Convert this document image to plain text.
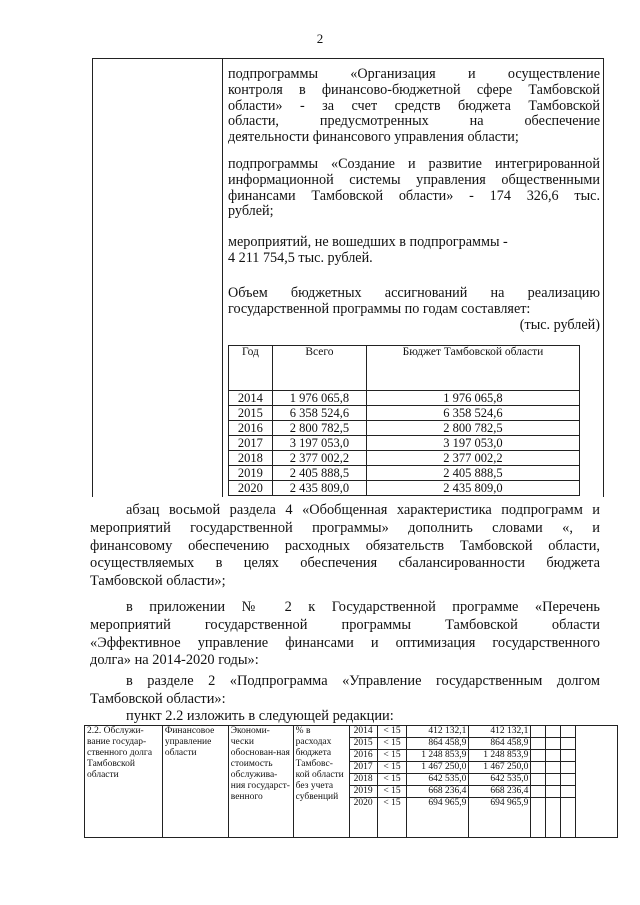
2

подпрограммы «Организация и осуществление

контроля в финансово-бюджетной сфере Тамбовской

области» - за счет средств бюджета Тамбовской

области, предусмотренных на обеспечение

деятельности финансового управления области;

подпрограммы «Создание и развитие интегрированной

информационной системы управления общественными

финансами Тамбовской области» - 174 326,6 тыс.

рублей;

мероприятий, не вошедших в подпрограммы -

4 211 754,5 тыс. рублей.

Объем бюджетных ассигнований на реализацию

государственной программы по годам составляет:

(тыс. рублей)

Год	Всего	Бюджет Тамбовской области
2014	1 976 065,8	1 976 065,8
2015	6 358 524,6	6 358 524,6
2016	2 800 782,5	2 800 782,5
2017	3 197 053,0	3 197 053,0
2018	2 377 002,2	2 377 002,2
2019	2 405 888,5	2 405 888,5
2020	2 435 809,0	2 435 809,0

абзац восьмой раздела 4 «Обобщенная характеристика подпрограмм и

мероприятий государственной программы» дополнить словами «, и

финансовому обеспечению расходных обязательств Тамбовской области,

осуществляемых в целях обеспечения сбалансированности бюджета

Тамбовской области»;

в приложении № 2 к Государственной программе «Перечень

мероприятий государственной программы Тамбовской области

«Эффективное управление финансами и оптимизация государственного

долга» на 2014-2020 годы»:

в разделе 2 «Подпрограмма «Управление государственным долгом

Тамбовской области»:

пункт 2.2 изложить в следующей редакции:

2.2. Обслужи-вание государ-ственного долга Тамбовской области	Финансовое управление области	Экономи-чески обоснован-ная стоимость обслужива-ния государст-венного	% в расходах бюджета Тамбовс-кой области без учета субвенций	2014	< 15	412 132,1	412 132,1				
				2015	< 15	864 458,9	864 458,9				
				2016	< 15	1 248 853,9	1 248 853,9				
				2017	< 15	1 467 250,0	1 467 250,0				
				2018	< 15	642 535,0	642 535,0				
				2019	< 15	668 236,4	668 236,4				
				2020	< 15	694 965,9	694 965,9				
